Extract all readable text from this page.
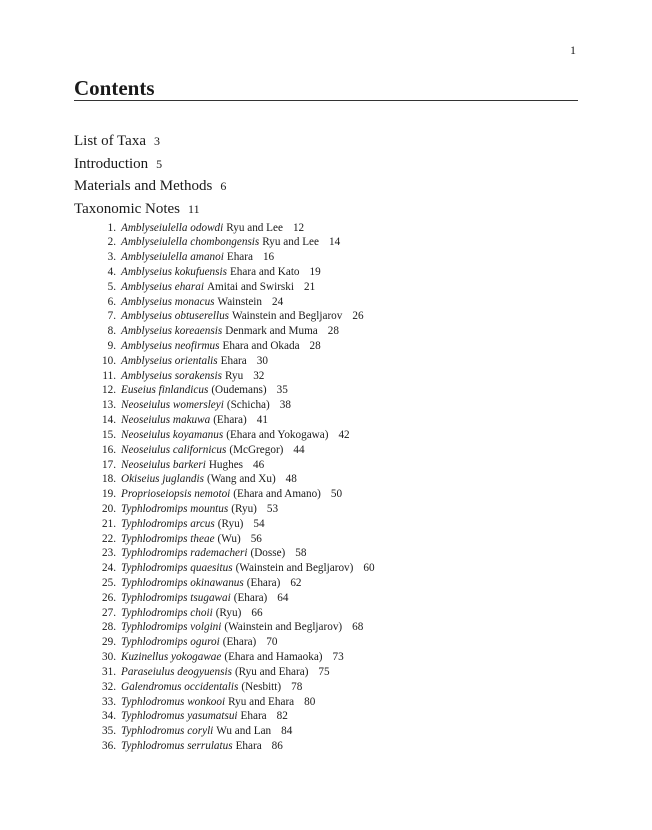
1
Contents
List of Taxa 3
Introduction 5
Materials and Methods 6
Taxonomic Notes 11
1. Amblyseiulella odowdi Ryu and Lee 12
2. Amblyseiulella chombongensis Ryu and Lee 14
3. Amblyseiulella amanoi Ehara 16
4. Amblyseius kokufuensis Ehara and Kato 19
5. Amblyseius eharai Amitai and Swirski 21
6. Amblyseius monacus Wainstein 24
7. Amblyseius obtuserellus Wainstein and Begljarov 26
8. Amblyseius koreaensis Denmark and Muma 28
9. Amblyseius neofirmus Ehara and Okada 28
10. Amblyseius orientalis Ehara 30
11. Amblyseius sorakensis Ryu 32
12. Euseius finlandicus (Oudemans) 35
13. Neoseiulus womersleyi (Schicha) 38
14. Neoseiulus makuwa (Ehara) 41
15. Neoseiulus koyamanus (Ehara and Yokogawa) 42
16. Neoseiulus californicus (McGregor) 44
17. Neoseiulus barkeri Hughes 46
18. Okiseius juglandis (Wang and Xu) 48
19. Proprioseiopsis nemotoi (Ehara and Amano) 50
20. Typhlodromips mountus (Ryu) 53
21. Typhlodromips arcus (Ryu) 54
22. Typhlodromips theae (Wu) 56
23. Typhlodromips rademacheri (Dosse) 58
24. Typhlodromips quaesitus (Wainstein and Begljarov) 60
25. Typhlodromips okinawanus (Ehara) 62
26. Typhlodromips tsugawai (Ehara) 64
27. Typhlodromips choii (Ryu) 66
28. Typhlodromips volgini (Wainstein and Begljarov) 68
29. Typhlodromips oguroi (Ehara) 70
30. Kuzinellus yokogawae (Ehara and Hamaoka) 73
31. Paraseiulus deogyuensis (Ryu and Ehara) 75
32. Galendromus occidentalis (Nesbitt) 78
33. Typhlodromus wonkooi Ryu and Ehara 80
34. Typhlodromus yasumatsui Ehara 82
35. Typhlodromus coryli Wu and Lan 84
36. Typhlodromus serrulatus Ehara 86
